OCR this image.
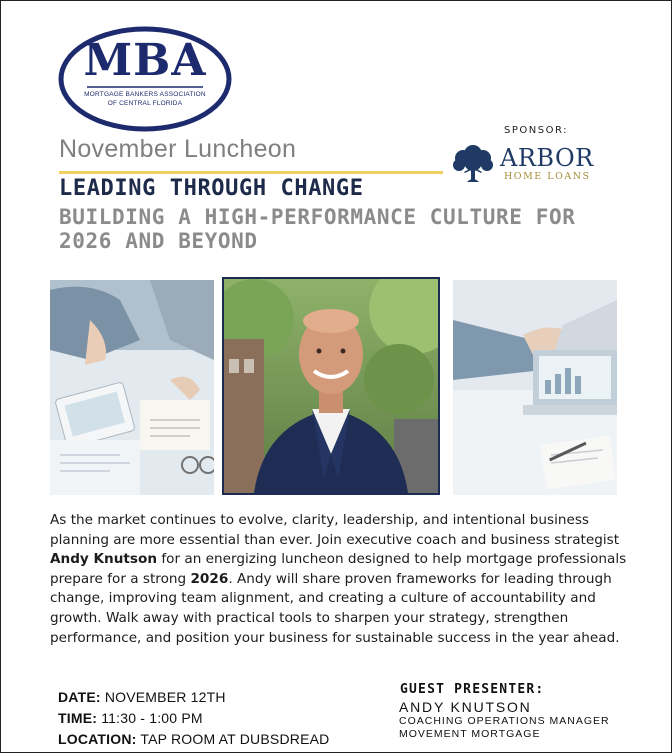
MBA
MORTGAGE BANKERS ASSOCIATION
OF CENTRAL FLORIDA
November Luncheon
SPONSOR:
ARBOR
HOME LOANS
LEADING THROUGH CHANGE
BUILDING A HIGH-PERFORMANCE CULTURE FOR 2026 AND BEYOND
As the market continues to evolve, clarity, leadership, and intentional business planning are more essential than ever. Join executive coach and business strategist Andy Knutson for an energizing luncheon designed to help mortgage professionals prepare for a strong 2026. Andy will share proven frameworks for leading through change, improving team alignment, and creating a culture of accountability and growth. Walk away with practical tools to sharpen your strategy, strengthen performance, and position your business for sustainable success in the year ahead.
DATE: NOVEMBER 12TH
TIME: 11:30 - 1:00 PM
LOCATION: TAP ROOM AT DUBSDREAD
GUEST PRESENTER:
ANDY KNUTSON
COACHING OPERATIONS MANAGER
MOVEMENT MORTGAGE
